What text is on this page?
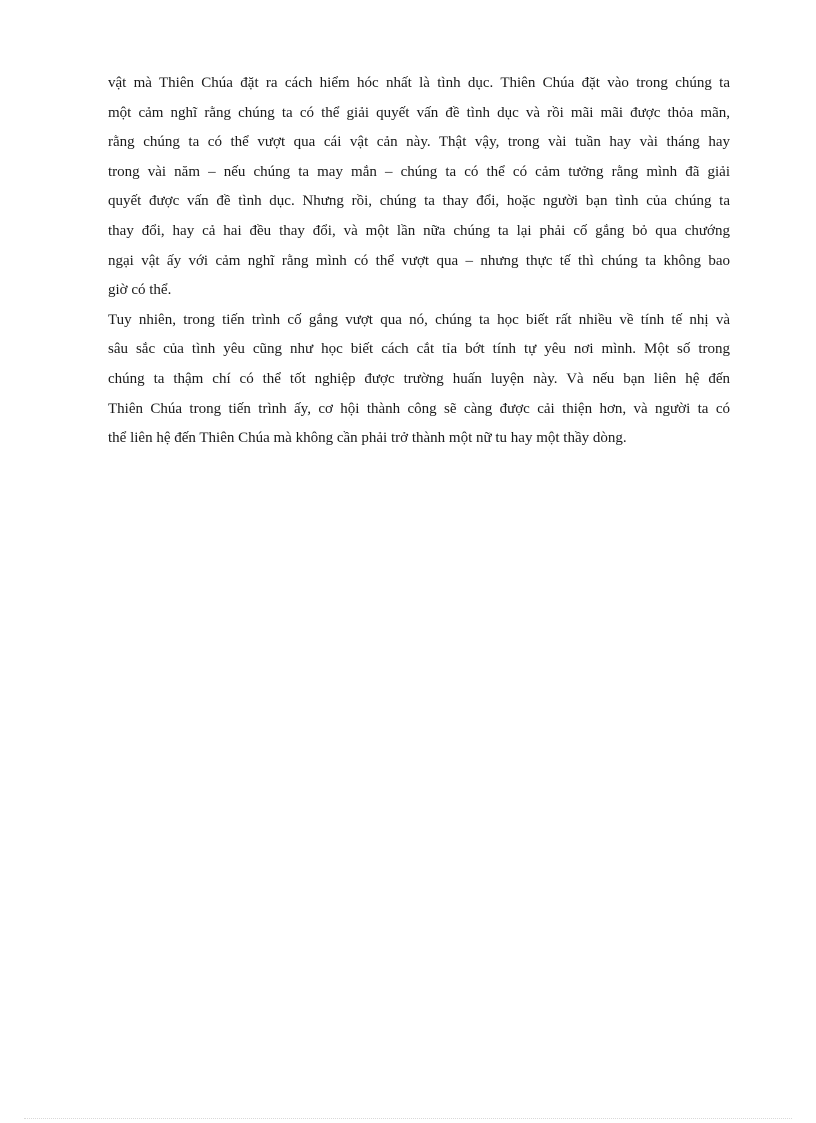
vật mà Thiên Chúa đặt ra cách hiểm hóc nhất là tình dục. Thiên Chúa đặt vào trong chúng ta
một cảm nghĩ rằng chúng ta có thể giải quyết vấn đề tình dục và rồi mãi mãi được thỏa mãn,
rằng chúng ta có thể vượt qua cái vật cản này. Thật vậy, trong vài tuần hay vài tháng hay
trong vài năm – nếu chúng ta may mắn – chúng ta có thể có cảm tưởng rằng mình đã giải
quyết được vấn đề tình dục. Nhưng rồi, chúng ta thay đổi, hoặc người bạn tình của chúng ta
thay đổi, hay cả hai đều thay đổi, và một lần nữa chúng ta lại phải cố gắng bỏ qua chướng
ngại vật ấy với cảm nghĩ rằng mình có thể vượt qua – nhưng thực tế thì chúng ta không bao
giờ có thể.
Tuy nhiên, trong tiến trình cố gắng vượt qua nó, chúng ta học biết rất nhiều về tính tế nhị và
sâu sắc của tình yêu cũng như học biết cách cắt tỉa bớt tính tự yêu nơi mình. Một số trong
chúng ta thậm chí có thể tốt nghiệp được trường huấn luyện này. Và nếu bạn liên hệ đến
Thiên Chúa trong tiến trình ấy, cơ hội thành công sẽ càng được cải thiện hơn, và người ta có
thể liên hệ đến Thiên Chúa mà không cần phải trở thành một nữ tu hay một thầy dòng.
